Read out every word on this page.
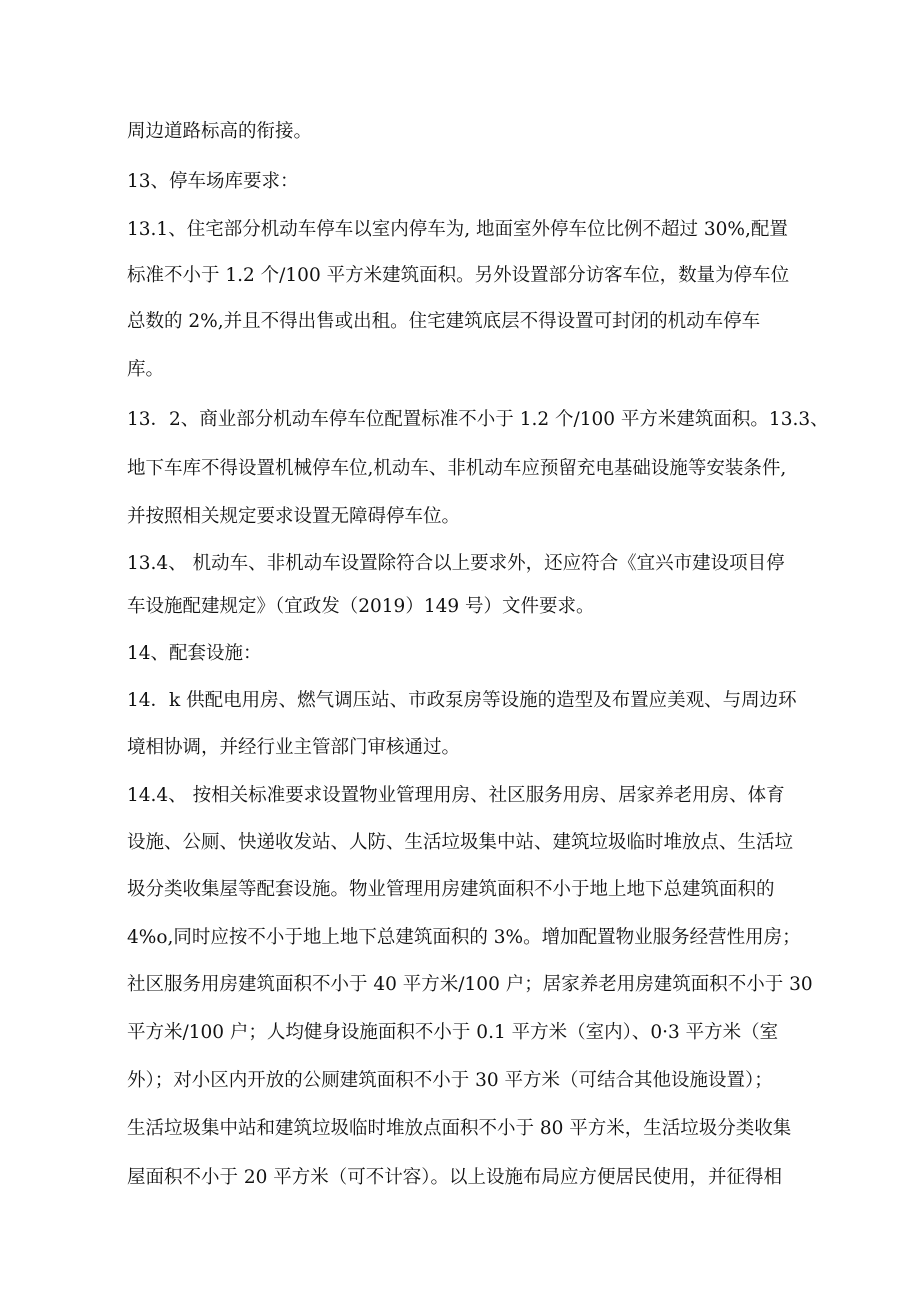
周边道路标高的衔接。

13、停车场库要求：

13.1、住宅部分机动车停车以室内停车为, 地面室外停车位比例不超过 30%,配置

标准不小于 1.2 个/100 平方米建筑面积。另外设置部分访客车位，数量为停车位

总数的 2%,并且不得出售或出租。住宅建筑底层不得设置可封闭的机动车停车

库。

13．2、商业部分机动车停车位配置标准不小于 1.2 个/100 平方米建筑面积。13.3、

地下车库不得设置机械停车位,机动车、非机动车应预留充电基础设施等安装条件,

并按照相关规定要求设置无障碍停车位。

13.4、 机动车、非机动车设置除符合以上要求外，还应符合《宜兴市建设项目停

车设施配建规定》（宜政发（2019）149 号）文件要求。

14、配套设施：

14．k 供配电用房、燃气调压站、市政泵房等设施的造型及布置应美观、与周边环

境相协调，并经行业主管部门审核通过。

14.4、 按相关标准要求设置物业管理用房、社区服务用房、居家养老用房、体育

设施、公厕、快递收发站、人防、生活垃圾集中站、建筑垃圾临时堆放点、生活垃

圾分类收集屋等配套设施。物业管理用房建筑面积不小于地上地下总建筑面积的

4%o,同时应按不小于地上地下总建筑面积的 3%。增加配置物业服务经营性用房；

社区服务用房建筑面积不小于 40 平方米/100 户；居家养老用房建筑面积不小于 30

平方米/100 户；人均健身设施面积不小于 0.1 平方米（室内）、0·3 平方米（室

外）；对小区内开放的公厕建筑面积不小于 30 平方米（可结合其他设施设置）；

生活垃圾集中站和建筑垃圾临时堆放点面积不小于 80 平方米，生活垃圾分类收集

屋面积不小于 20 平方米（可不计容）。以上设施布局应方便居民使用，并征得相
